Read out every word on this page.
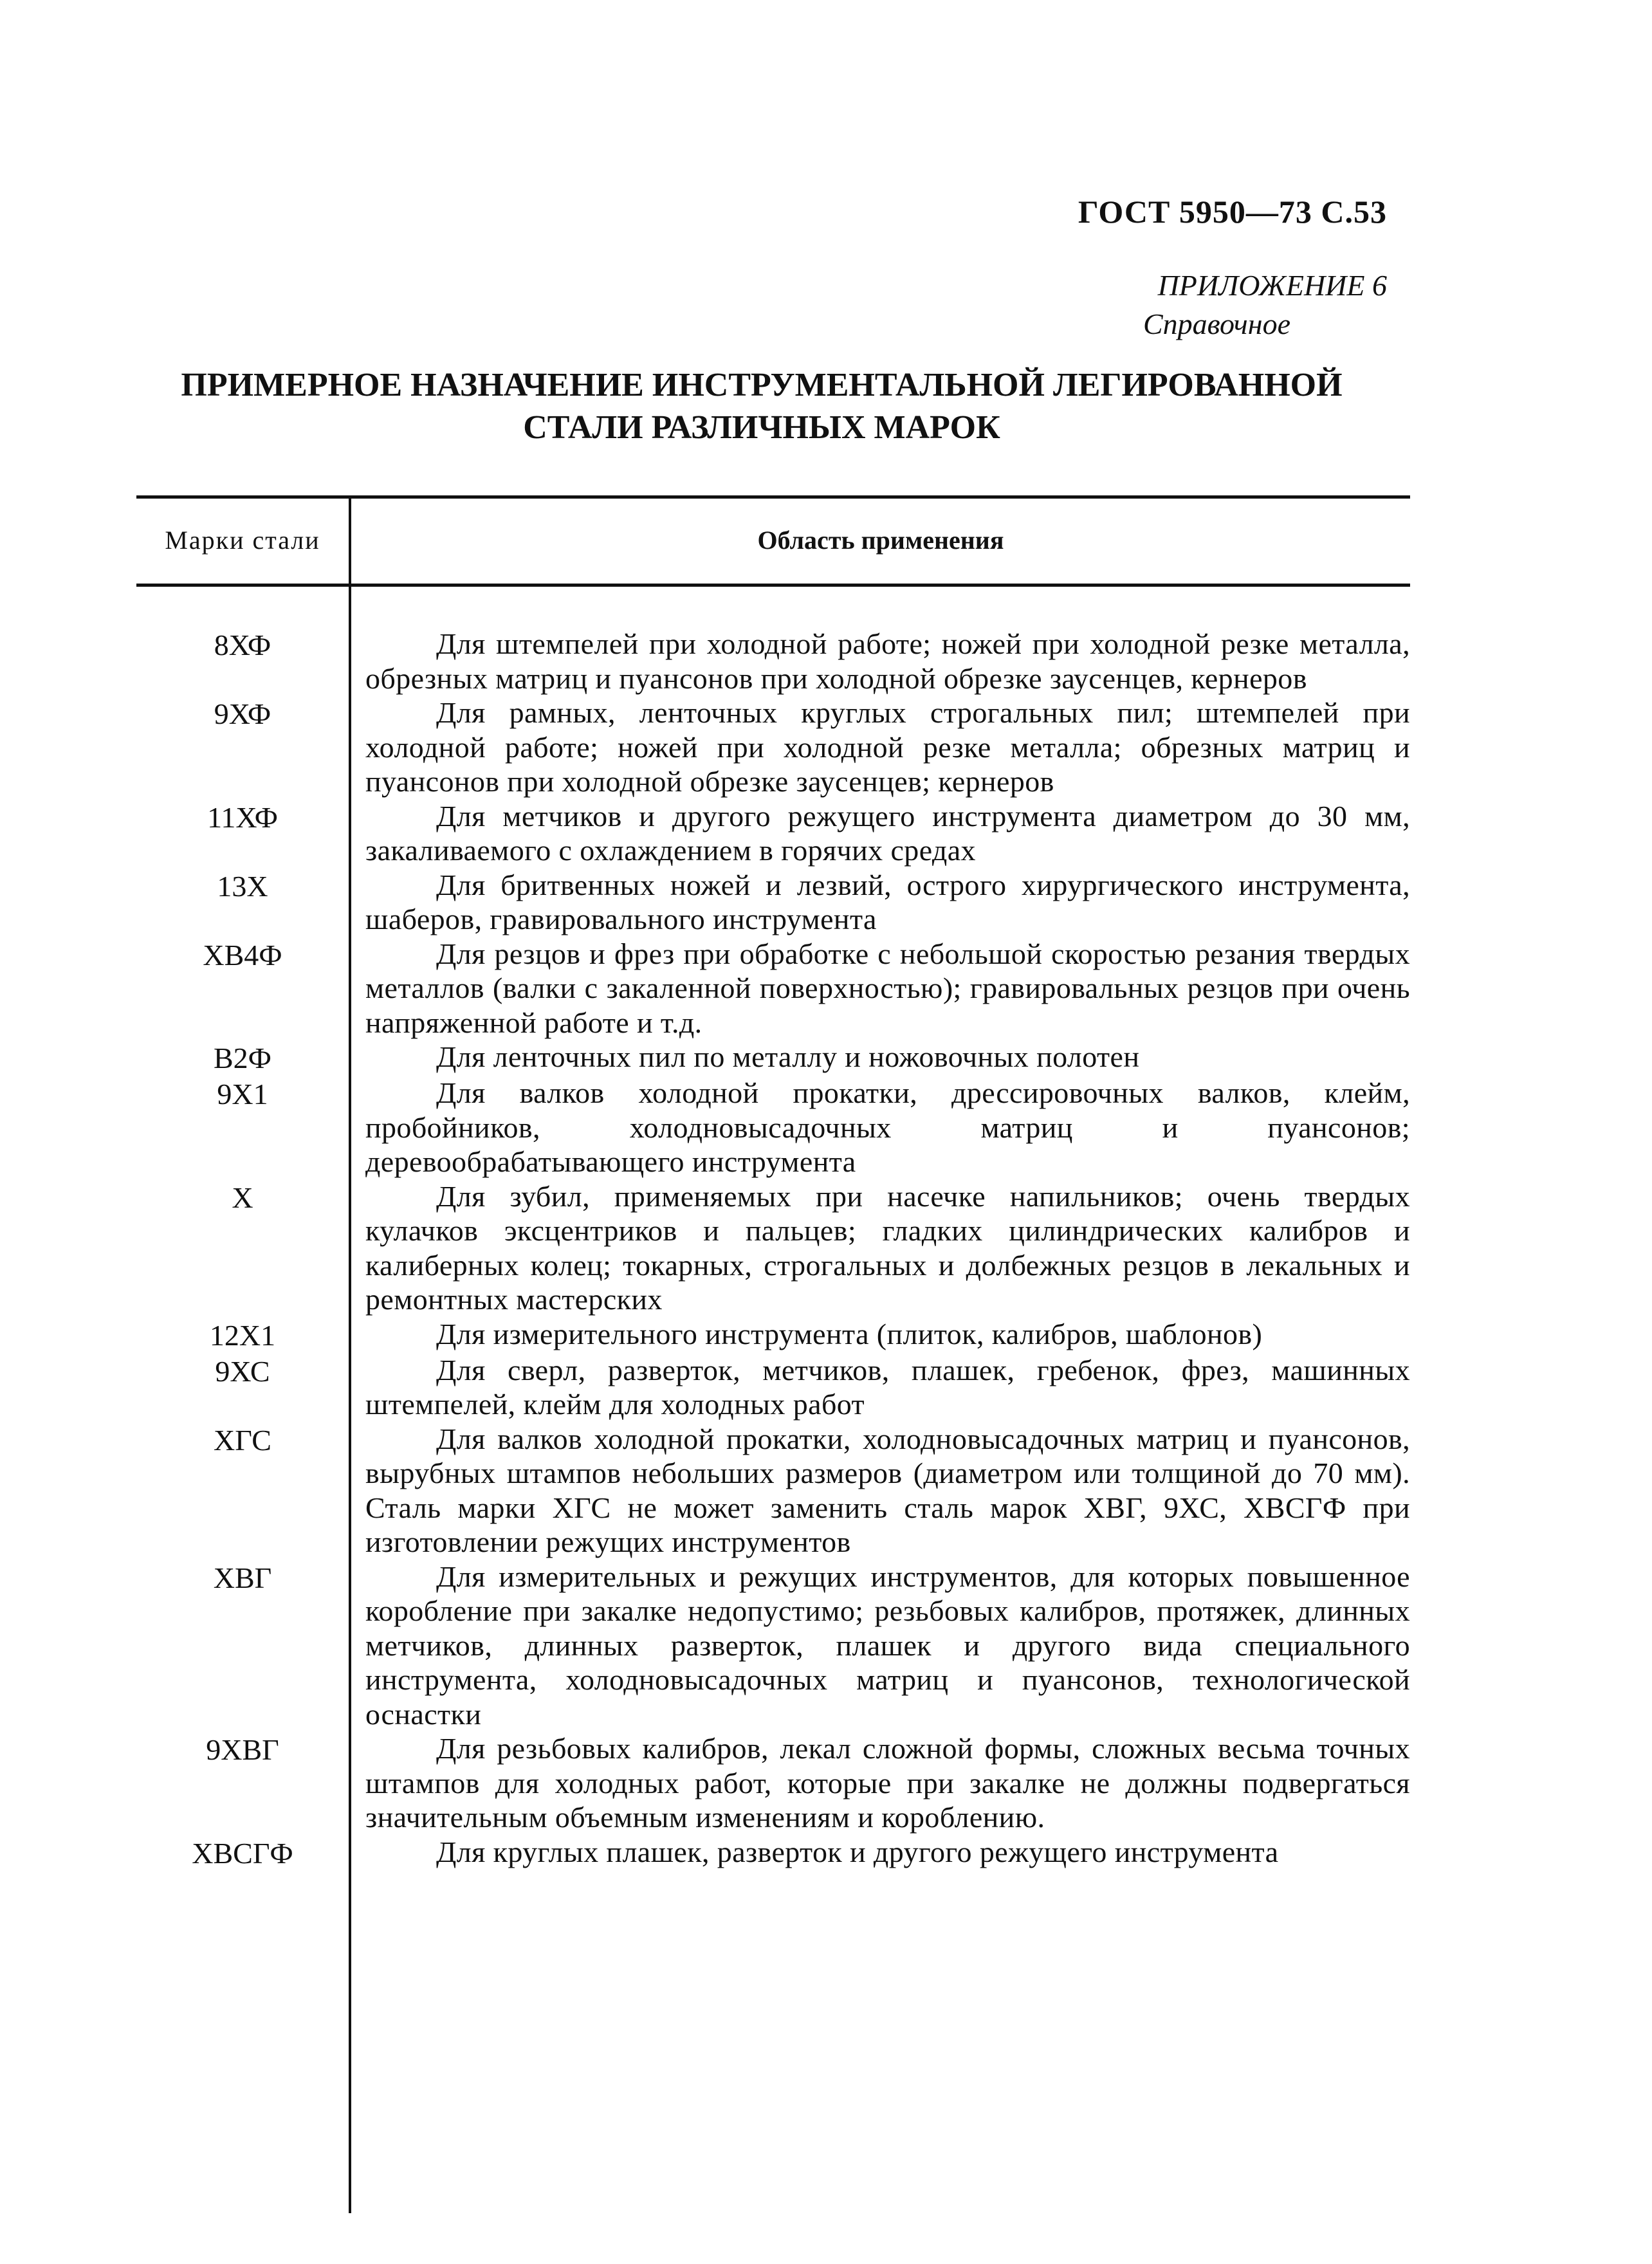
ГОСТ 5950—73 С.53
ПРИЛОЖЕНИЕ 6
Справочное
ПРИМЕРНОЕ НАЗНАЧЕНИЕ ИНСТРУМЕНТАЛЬНОЙ ЛЕГИРОВАННОЙ
СТАЛИ РАЗЛИЧНЫХ МАРОК
Марки стали	Область применения
8ХФ	Для штемпелей при холодной работе; ножей при холодной резке металла, обрезных матриц и пуансонов при холодной обрезке заусенцев, кернеров
9ХФ	Для рамных, ленточных круглых строгальных пил; штемпелей при холодной работе; ножей при холодной резке металла; обрезных матриц и пуансонов при холодной обрезке заусенцев; кернеров
11ХФ	Для метчиков и другого режущего инструмента диаметром до 30 мм, закаливаемого с охлаждением в горячих средах
13Х	Для бритвенных ножей и лезвий, острого хирургического инструмента, шаберов, гравировального инструмента
ХВ4Ф	Для резцов и фрез при обработке с небольшой скоростью резания твердых металлов (валки с закаленной поверхностью); гравировальных резцов при очень напряженной работе и т.д.
В2Ф	Для ленточных пил по металлу и ножовочных полотен
9Х1	Для валков холодной прокатки, дрессировочных валков, клейм, пробойников, холодновысадочных матриц и пуансонов; деревообрабатывающего инструмента
Х	Для зубил, применяемых при насечке напильников; очень твердых кулачков эксцентриков и пальцев; гладких цилиндрических калибров и калиберных колец; токарных, строгальных и долбежных резцов в лекальных и ремонтных мастерских
12Х1	Для измерительного инструмента (плиток, калибров, шаблонов)
9ХС	Для сверл, разверток, метчиков, плашек, гребенок, фрез, машинных штемпелей, клейм для холодных работ
ХГС	Для валков холодной прокатки, холодновысадочных матриц и пуансонов, вырубных штампов небольших размеров (диаметром или толщиной до 70 мм). Сталь марки ХГС не может заменить сталь марок ХВГ, 9ХС, ХВСГФ при изготовлении режущих инструментов
ХВГ	Для измерительных и режущих инструментов, для которых повышенное коробление при закалке недопустимо; резьбовых калибров, протяжек, длинных метчиков, длинных разверток, плашек и другого вида специального инструмента, холодновысадочных матриц и пуансонов, технологической оснастки
9ХВГ	Для резьбовых калибров, лекал сложной формы, сложных весьма точных штампов для холодных работ, которые при закалке не должны подвергаться значительным объемным изменениям и короблению.
ХВСГФ	Для круглых плашек, разверток и другого режущего инструмента
